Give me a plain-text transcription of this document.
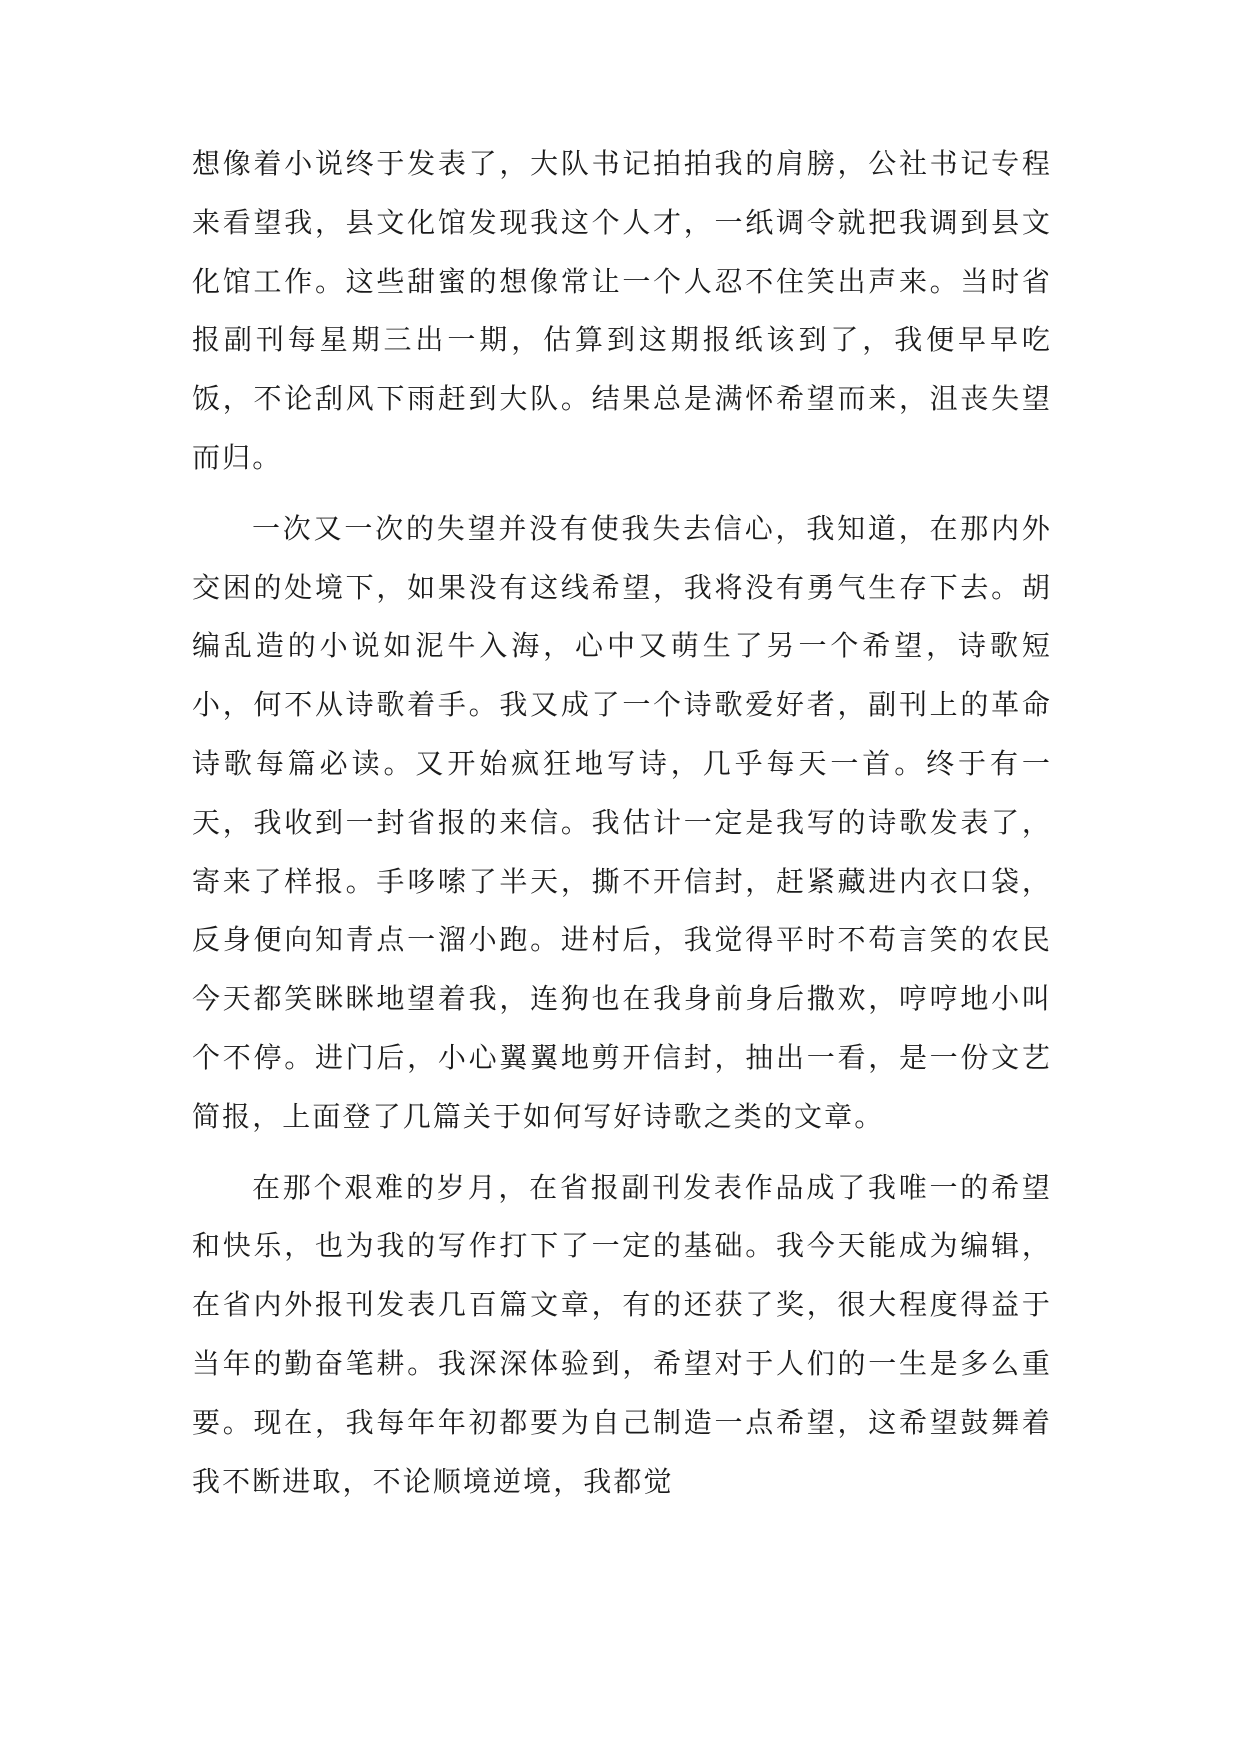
想像着小说终于发表了，大队书记拍拍我的肩膀，公社书记专程来看望我，县文化馆发现我这个人才，一纸调令就把我调到县文化馆工作。这些甜蜜的想像常让一个人忍不住笑出声来。当时省报副刊每星期三出一期，估算到这期报纸该到了，我便早早吃饭，不论刮风下雨赶到大队。结果总是满怀希望而来，沮丧失望而归。

一次又一次的失望并没有使我失去信心，我知道，在那内外交困的处境下，如果没有这线希望，我将没有勇气生存下去。胡编乱造的小说如泥牛入海，心中又萌生了另一个希望，诗歌短小，何不从诗歌着手。我又成了一个诗歌爱好者，副刊上的革命诗歌每篇必读。又开始疯狂地写诗，几乎每天一首。终于有一天，我收到一封省报的来信。我估计一定是我写的诗歌发表了，寄来了样报。手哆嗦了半天，撕不开信封，赶紧藏进内衣口袋，反身便向知青点一溜小跑。进村后，我觉得平时不苟言笑的农民今天都笑眯眯地望着我，连狗也在我身前身后撒欢，哼哼地小叫个不停。进门后，小心翼翼地剪开信封，抽出一看，是一份文艺简报，上面登了几篇关于如何写好诗歌之类的文章。

在那个艰难的岁月，在省报副刊发表作品成了我唯一的希望和快乐，也为我的写作打下了一定的基础。我今天能成为编辑，在省内外报刊发表几百篇文章，有的还获了奖，很大程度得益于当年的勤奋笔耕。我深深体验到，希望对于人们的一生是多么重要。现在，我每年年初都要为自己制造一点希望，这希望鼓舞着我不断进取，不论顺境逆境，我都觉
